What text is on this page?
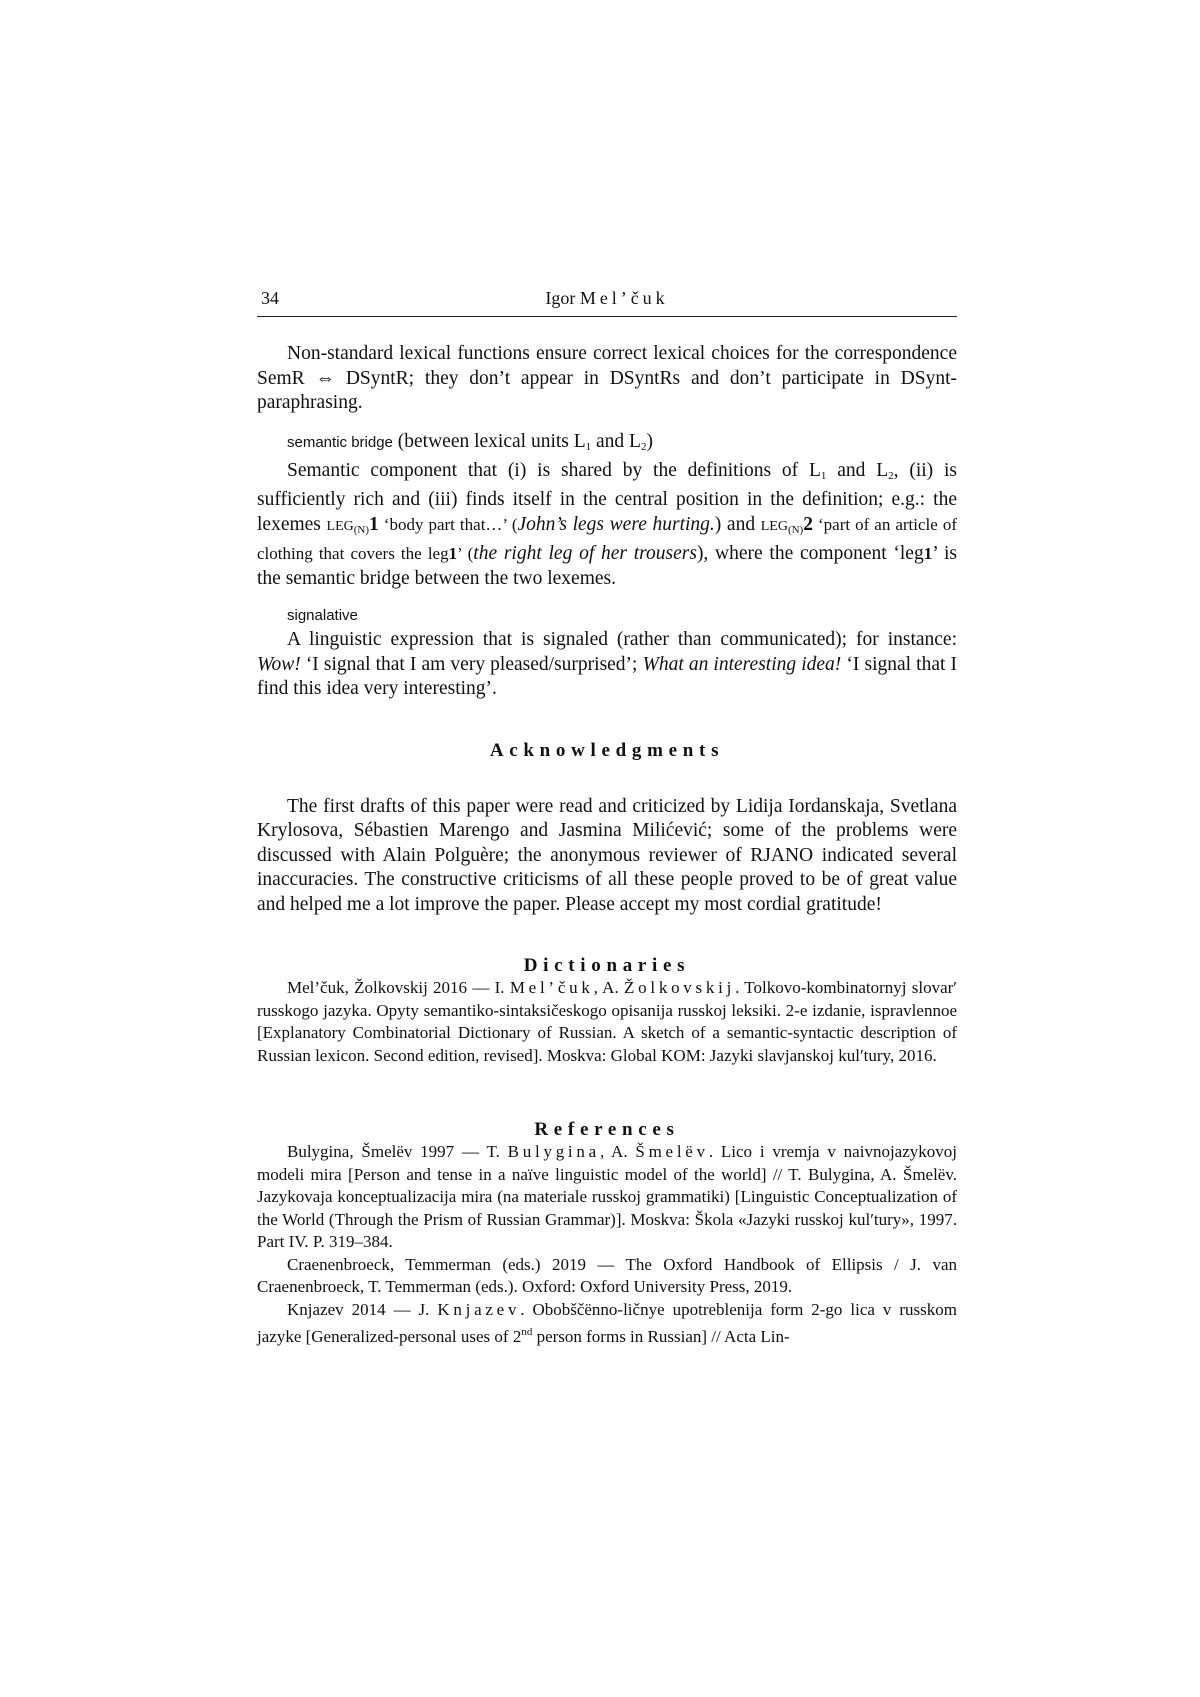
34	Igor Mel’čuk

Non-standard lexical functions ensure correct lexical choices for the correspondence SemR ⇔ DSyntR; they don’t appear in DSyntRs and don’t participate in DSynt-paraphrasing.

semantic bridge (between lexical units $L_1$ and $L_2$)

Semantic component that (i) is shared by the definitions of $L_1$ and $L_2$, (ii) is sufficiently rich and (iii) finds itself in the central position in the definition; e.g.: the lexemes $LEG_{(N)}1$ ‘body part that…’ (John’s legs were hurting.) and $LEG_{(N)}2$ ‘part of an article of clothing that covers the leg1’ (the right leg of her trousers), where the component ‘leg1’ is the semantic bridge between the two lexemes.

signalative

A linguistic expression that is signaled (rather than communicated); for instance: Wow! ‘I signal that I am very pleased/surprised’; What an interesting idea! ‘I signal that I find this idea very interesting’.

Acknowledgments

The first drafts of this paper were read and criticized by Lidija Iordanskaja, Svetlana Krylosova, Sébastien Marengo and Jasmina Milićević; some of the problems were discussed with Alain Polguère; the anonymous reviewer of RJANO indicated several inaccuracies. The constructive criticisms of all these people proved to be of great value and helped me a lot improve the paper. Please accept my most cordial gratitude!

Dictionaries

Mel’čuk, Žolkovskij 2016 — I. Mel’čuk, A. Žolkovskij. Tolkovo-kombinatornyj slovar′ russkogo jazyka. Opyty semantiko-sintaksičeskogo opisanija russkoj leksiki. 2-e izdanie, ispravlennoe [Explanatory Combinatorial Dictionary of Russian. A sketch of a semantic-syntactic description of Russian lexicon. Second edition, revised]. Moskva: Global KOM: Jazyki slavjanskoj kul′tury, 2016.

References

Bulygina, Šmelëv 1997 — T. Bulygina, A. Šmelëv. Lico i vremja v naivnojazykovoj modeli mira [Person and tense in a naïve linguistic model of the world] // T. Bulygina, A. Šmelëv. Jazykovaja konceptualizacija mira (na materiale russkoj grammatiki) [Linguistic Conceptualization of the World (Through the Prism of Russian Grammar)]. Moskva: Škola «Jazyki russkoj kul′tury», 1997. Part IV. P. 319–384.

Craenenbroeck, Temmerman (eds.) 2019 — The Oxford Handbook of Ellipsis / J. van Craenenbroeck, T. Temmerman (eds.). Oxford: Oxford University Press, 2019.

Knjazev 2014 — J. Knjazev. Obobščënno-ličnye upotreblenija form 2-go lica v russkom jazyke [Generalized-personal uses of 2nd person forms in Russian] // Acta Lin-
